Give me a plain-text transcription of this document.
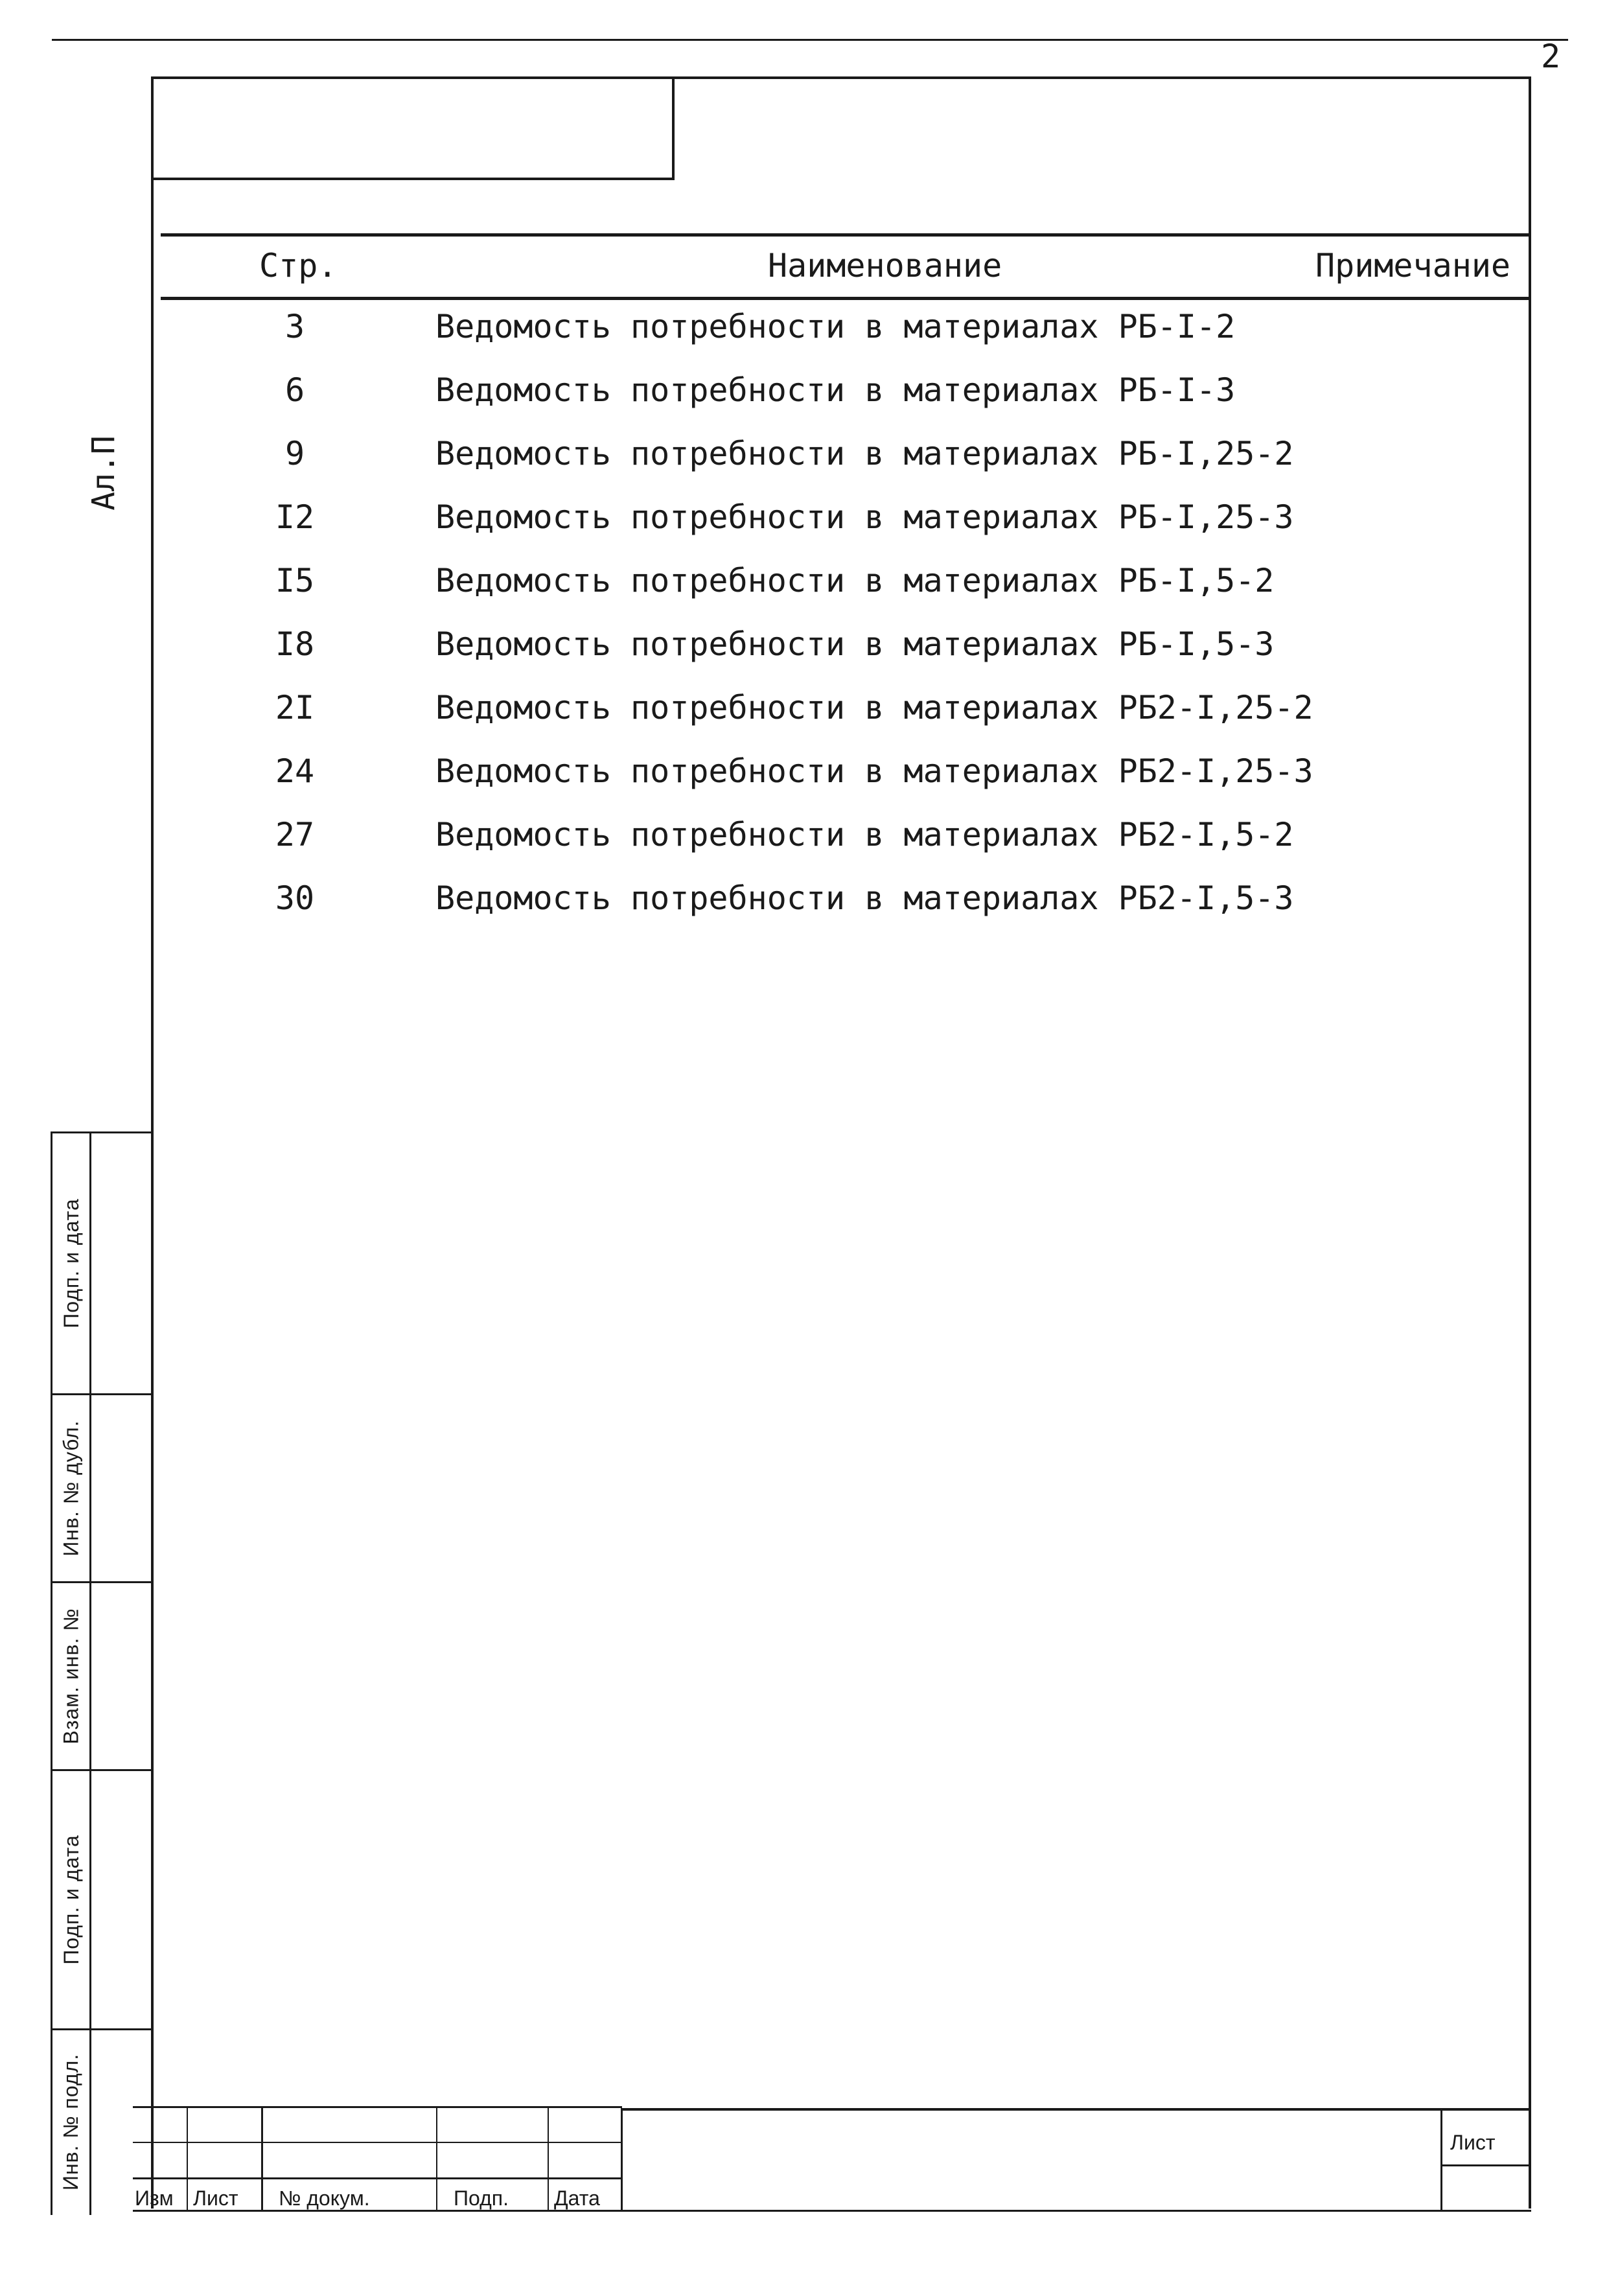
2
Ал.П
Стр.	Наименование	Примечание
3	Ведомость потребности в материалах РБ-I-2
6	Ведомость потребности в материалах РБ-I-3
9	Ведомость потребности в материалах РБ-I,25-2
I2	Ведомость потребности в материалах РБ-I,25-3
I5	Ведомость потребности в материалах РБ-I,5-2
I8	Ведомость потребности в материалах РБ-I,5-3
2I	Ведомость потребности в материалах РБ2-I,25-2
24	Ведомость потребности в материалах РБ2-I,25-3
27	Ведомость потребности в материалах РБ2-I,5-2
30	Ведомость потребности в материалах РБ2-I,5-3
Подп. и дата
Инв. № дубл.
Взам. инв. №
Подп. и дата
Инв. № подл.
Изм Лист № докум.	Подп. Дата
Лист
